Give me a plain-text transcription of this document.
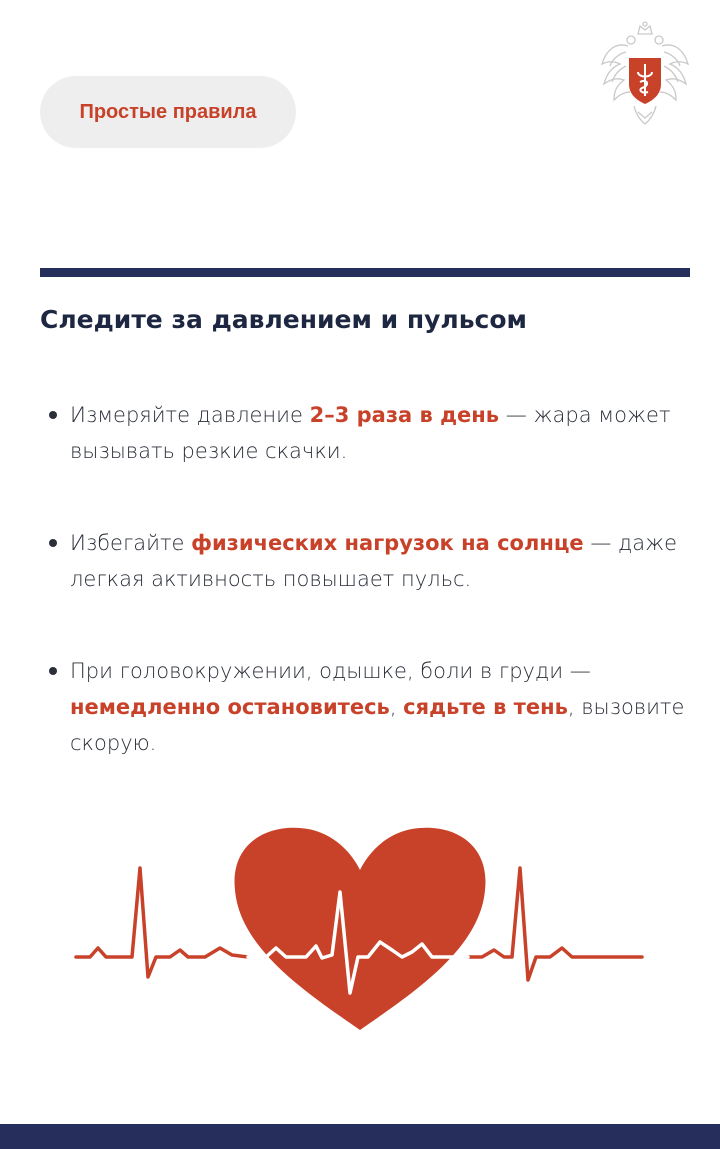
Простые правила
Следите за давлением и пульсом
Измеряйте давление 2–3 раза в день — жара может вызывать резкие скачки.
Избегайте физических нагрузок на солнце — даже легкая активность повышает пульс.
При головокружении, одышке, боли в груди — немедленно остановитесь, сядьте в тень, вызовите скорую.
